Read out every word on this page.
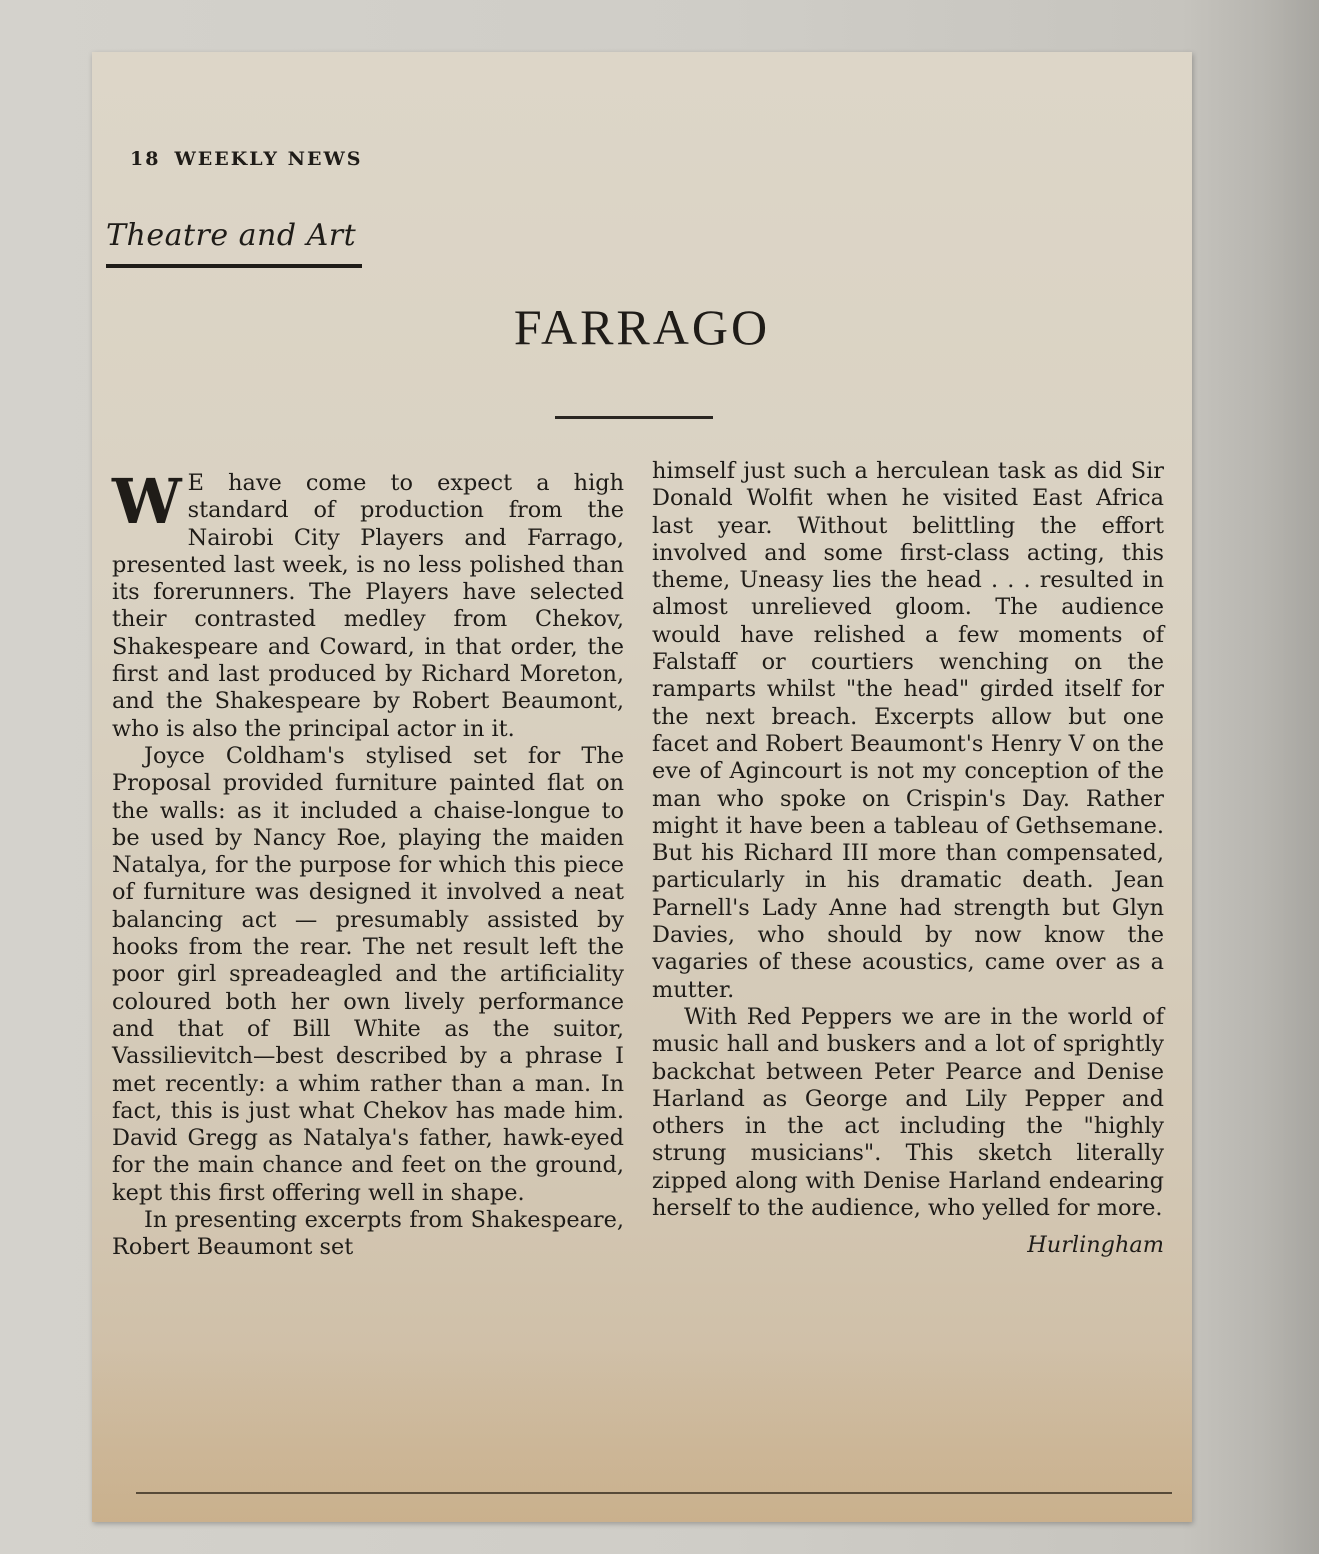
18 WEEKLY NEWS
Theatre and Art
FARRAGO

W E have come to expect a high standard of production from the Nairobi City Players and Farrago, presented last week, is no less polished than its forerunners. The Players have selected their contrasted medley from Chekov, Shakespeare and Coward, in that order, the first and last produced by Richard Moreton, and the Shakespeare by Robert Beaumont, who is also the principal actor in it.

Joyce Coldham's stylised set for The Proposal provided furniture painted flat on the walls: as it included a chaise-longue to be used by Nancy Roe, playing the maiden Natalya, for the purpose for which this piece of furniture was designed it involved a neat balancing act — presumably assisted by hooks from the rear. The net result left the poor girl spreadeagled and the artificiality coloured both her own lively performance and that of Bill White as the suitor, Vassilievitch—best described by a phrase I met recently: a whim rather than a man. In fact, this is just what Chekov has made him. David Gregg as Natalya's father, hawk-eyed for the main chance and feet on the ground, kept this first offering well in shape.

In presenting excerpts from Shakespeare, Robert Beaumont set

himself just such a herculean task as did Sir Donald Wolfit when he visited East Africa last year. Without belittling the effort involved and some first-class acting, this theme, Uneasy lies the head . . . resulted in almost unrelieved gloom. The audience would have relished a few moments of Falstaff or courtiers wenching on the ramparts whilst "the head" girded itself for the next breach. Excerpts allow but one facet and Robert Beaumont's Henry V on the eve of Agincourt is not my conception of the man who spoke on Crispin's Day. Rather might it have been a tableau of Gethsemane. But his Richard III more than compensated, particularly in his dramatic death. Jean Parnell's Lady Anne had strength but Glyn Davies, who should by now know the vagaries of these acoustics, came over as a mutter.

With Red Peppers we are in the world of music hall and buskers and a lot of sprightly backchat between Peter Pearce and Denise Harland as George and Lily Pepper and others in the act including the "highly strung musicians". This sketch literally zipped along with Denise Harland endearing herself to the audience, who yelled for more.

Hurlingham
